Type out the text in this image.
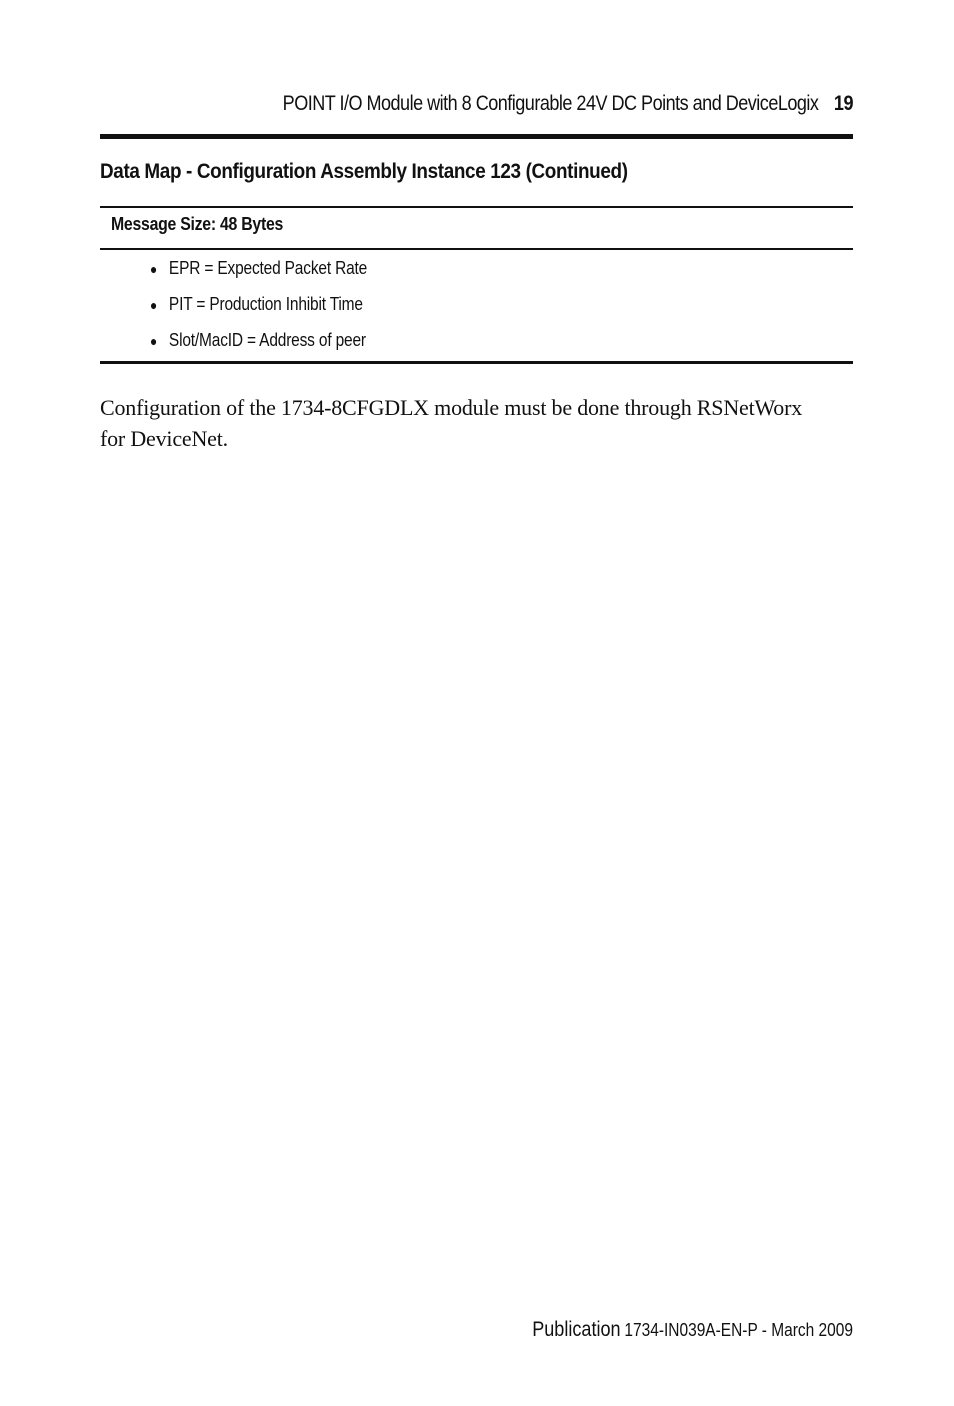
POINT I/O Module with 8 Configurable 24V DC Points and DeviceLogix 19
Data Map - Configuration Assembly Instance 123 (Continued)
Message Size: 48 Bytes
● EPR = Expected Packet Rate
● PIT = Production Inhibit Time
● Slot/MacID = Address of peer

Configuration of the 1734-8CFGDLX module must be done through RSNetWorx for DeviceNet.

Publication 1734-IN039A-EN-P - March 2009
